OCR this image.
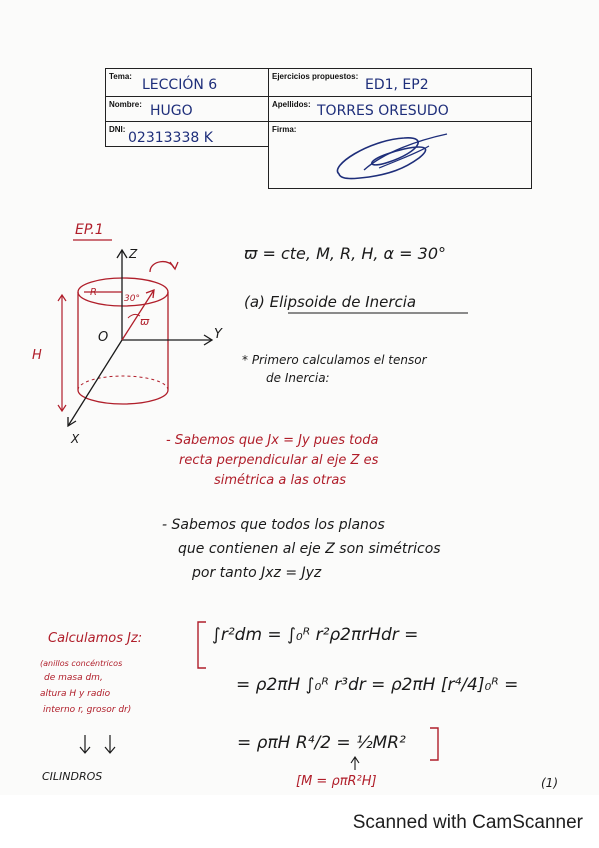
Tema:
LECCIÓN 6
Ejercicios propuestos:
ED1, EP2
Nombre: HUGO	Apellidos: TORRES ORESUDO
DNI:
02313338 K
Firma:
EP.1
Z
Y
X
O
R
30°
ϖ
H
ϖ = cte, M, R, H, α = 30°
(a) Elipsoide de Inercia
* Primero calculamos el tensor
de Inercia:
- Sabemos que Jx = Jy pues toda
recta perpendicular al eje Z es
simétrica a las otras
- Sabemos que todos los planos
que contienen al eje Z son simétricos
por tanto Jxz = Jyz
Calculamos Jz:
(anillos concéntricos
de masa dm,
altura H y radio
interno r, grosor dr)
CILINDROS
∫r²dm = ∫₀ᴿ r²ρ2πrHdr =
= ρ2πH ∫₀ᴿ r³dr = ρ2πH [r⁴/4]₀ᴿ =
= ρπH R⁴/2 = ½MR²
[M = ρπR²H]	(1)
Scanned with CamScanner
